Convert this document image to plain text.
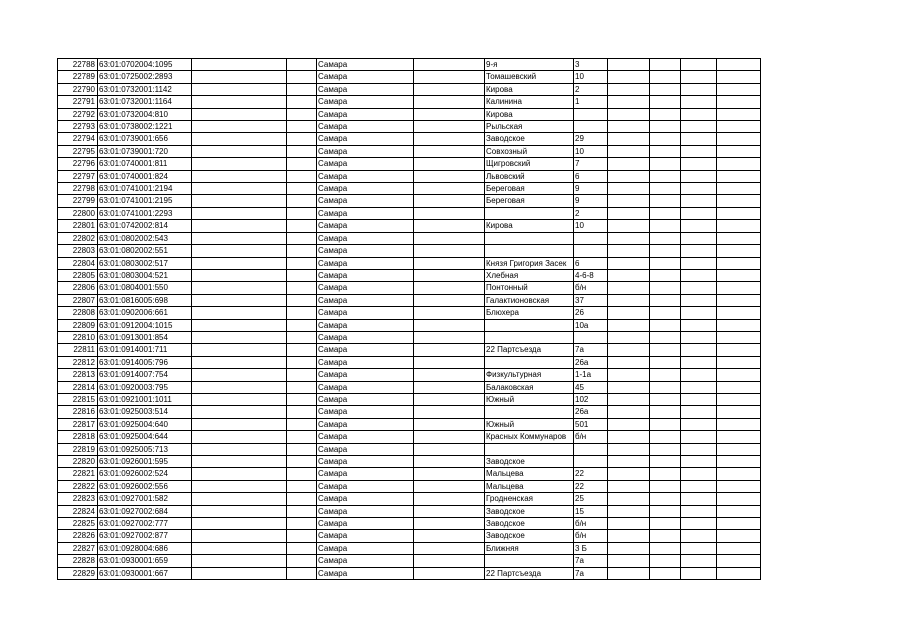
22788	63:01:0702004:1095			Самара		9-я	3				
22789	63:01:0725002:2893			Самара		Томашевский	10				
22790	63:01:0732001:1142			Самара		Кирова	2				
22791	63:01:0732001:1164			Самара		Калинина	1				
22792	63:01:0732004:810			Самара		Кирова					
22793	63:01:0738002:1221			Самара		Рыльская					
22794	63:01:0739001:656			Самара		Заводское	29				
22795	63:01:0739001:720			Самара		Совхозный	10				
22796	63:01:0740001:811			Самара		Щигровский	7				
22797	63:01:0740001:824			Самара		Львовский	6				
22798	63:01:0741001:2194			Самара		Береговая	9				
22799	63:01:0741001:2195			Самара		Береговая	9				
22800	63:01:0741001:2293			Самара			2				
22801	63:01:0742002:814			Самара		Кирова	10				
22802	63:01:0802002:543			Самара							
22803	63:01:0802002:551			Самара							
22804	63:01:0803002:517			Самара		Князя Григория Засек	6				
22805	63:01:0803004:521			Самара		Хлебная	4-6-8				
22806	63:01:0804001:550			Самара		Понтонный	б/н				
22807	63:01:0816005:698			Самара		Галактионовская	37				
22808	63:01:0902006:661			Самара		Блюхера	26				
22809	63:01:0912004:1015			Самара			10а				
22810	63:01:0913001:854			Самара							
22811	63:01:0914001:711			Самара		22 Партсъезда	7а				
22812	63:01:0914005:796			Самара			26а				
22813	63:01:0914007:754			Самара		Физкультурная	1-1а				
22814	63:01:0920003:795			Самара		Балаковская	45				
22815	63:01:0921001:1011			Самара		Южный	102				
22816	63:01:0925003:514			Самара			26а				
22817	63:01:0925004:640			Самара		Южный	501				
22818	63:01:0925004:644			Самара		Красных Коммунаров	б/н				
22819	63:01:0925005:713			Самара							
22820	63:01:0926001:595			Самара		Заводское					
22821	63:01:0926002:524			Самара		Мальцева	22				
22822	63:01:0926002:556			Самара		Мальцева	22				
22823	63:01:0927001:582			Самара		Гродненская	25				
22824	63:01:0927002:684			Самара		Заводское	15				
22825	63:01:0927002:777			Самара		Заводское	б/н				
22826	63:01:0927002:877			Самара		Заводское	б/н				
22827	63:01:0928004:686			Самара		Ближняя	3 Б				
22828	63:01:0930001:659			Самара			7а				
22829	63:01:0930001:667			Самара		22 Партсъезда	7а				
